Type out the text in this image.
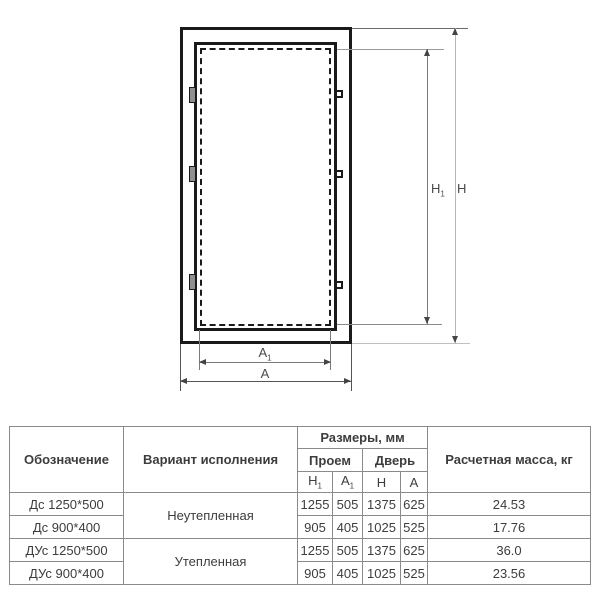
$H_1$ H
$A_1$
A
Обозначение	Вариант исполнения	Размеры, мм				Расчетная масса, кг
		Проем		Дверь		
		$Н_1$	$А_1$	Н	А	
Дс 1250*500	Неутепленная	1255	505	1375	625	24.53
Дс 900*400		905	405	1025	525	17.76
ДУс 1250*500	Утепленная	1255	505	1375	625	36.0
ДУс 900*400		905	405	1025	525	23.56
